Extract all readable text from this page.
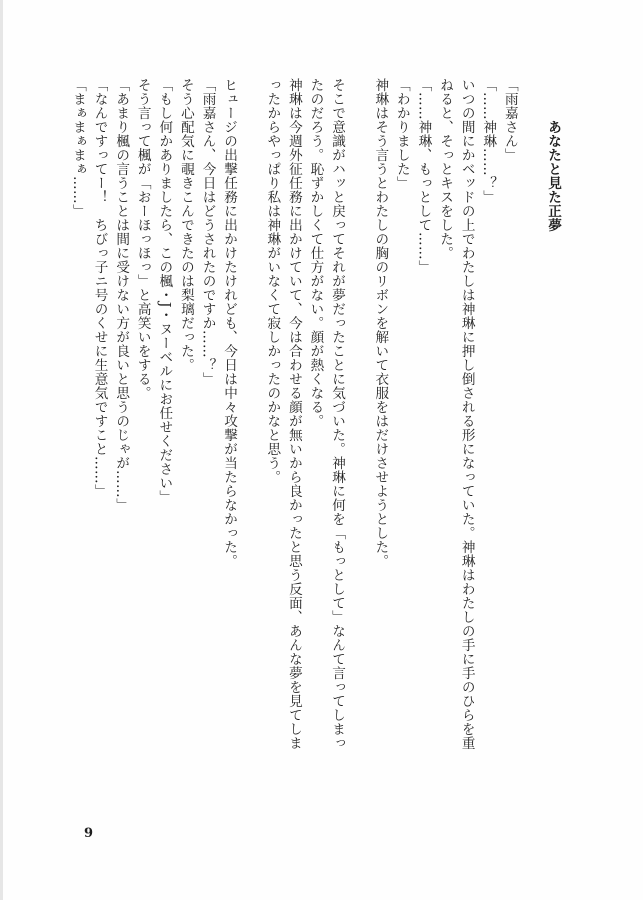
あなたと見た正夢
「雨嘉さん」
「……神琳……？」
いつの間にかベッドの上でわたしは神琳に押し倒される形になっていた。神琳はわたしの手に手のひらを重
ねると、そっとキスをした。
「……神琳、もっとして……」
「わかりました」
神琳はそう言うとわたしの胸のリボンを解いて衣服をはだけさせようとした。
そこで意識がハッと戻ってそれが夢だったことに気づいた。神琳に何を「もっとして」なんて言ってしまっ
たのだろう。恥ずかしくて仕方がない。顔が熱くなる。
神琳は今週外征任務に出かけていて、今は合わせる顔が無いから良かったと思う反面、あんな夢を見てしま
ったからやっぱり私は神琳がいなくて寂しかったのかなと思う。
ヒュージの出撃任務に出かけたけれども、今日は中々攻撃が当たらなかった。
「雨嘉さん、今日はどうされたのですか……？」
そう心配気に覗きこんできたのは梨璃だった。
「もし何かありましたら、この楓・J・ヌーベルにお任せください」
そう言って楓が「おーほっほっ」と高笑いをする。
「あまり楓の言うことは間に受けない方が良いと思うのじゃが……」
「なんですってー！　ちびっ子ニ号のくせに生意気ですこと……」
「まぁまぁまぁ……」
9
